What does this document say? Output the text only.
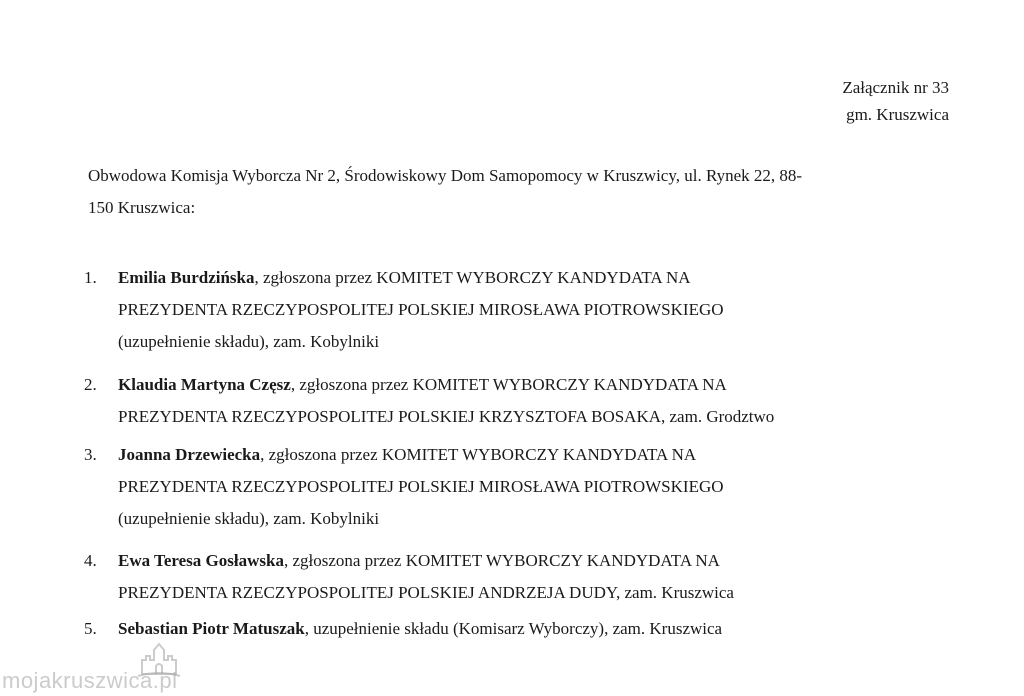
Załącznik nr 33
gm. Kruszwica
Obwodowa Komisja Wyborcza Nr 2, Środowiskowy Dom Samopomocy w Kruszwicy, ul. Rynek 22, 88-
150 Kruszwica:
1. Emilia Burdzińska, zgłoszona przez KOMITET WYBORCZY KANDYDATA NA
PREZYDENTA RZECZYPOSPOLITEJ POLSKIEJ MIROSŁAWA PIOTROWSKIEGO
(uzupełnienie składu), zam. Kobylniki
2. Klaudia Martyna Częsz, zgłoszona przez KOMITET WYBORCZY KANDYDATA NA
PREZYDENTA RZECZYPOSPOLITEJ POLSKIEJ KRZYSZTOFA BOSAKA, zam. Grodztwo
3. Joanna Drzewiecka, zgłoszona przez KOMITET WYBORCZY KANDYDATA NA
PREZYDENTA RZECZYPOSPOLITEJ POLSKIEJ MIROSŁAWA PIOTROWSKIEGO
(uzupełnienie składu), zam. Kobylniki
4. Ewa Teresa Gosławska, zgłoszona przez KOMITET WYBORCZY KANDYDATA NA
PREZYDENTA RZECZYPOSPOLITEJ POLSKIEJ ANDRZEJA DUDY, zam. Kruszwica
5. Sebastian Piotr Matuszak, uzupełnienie składu (Komisarz Wyborczy), zam. Kruszwica
mojakruszwica.pl
